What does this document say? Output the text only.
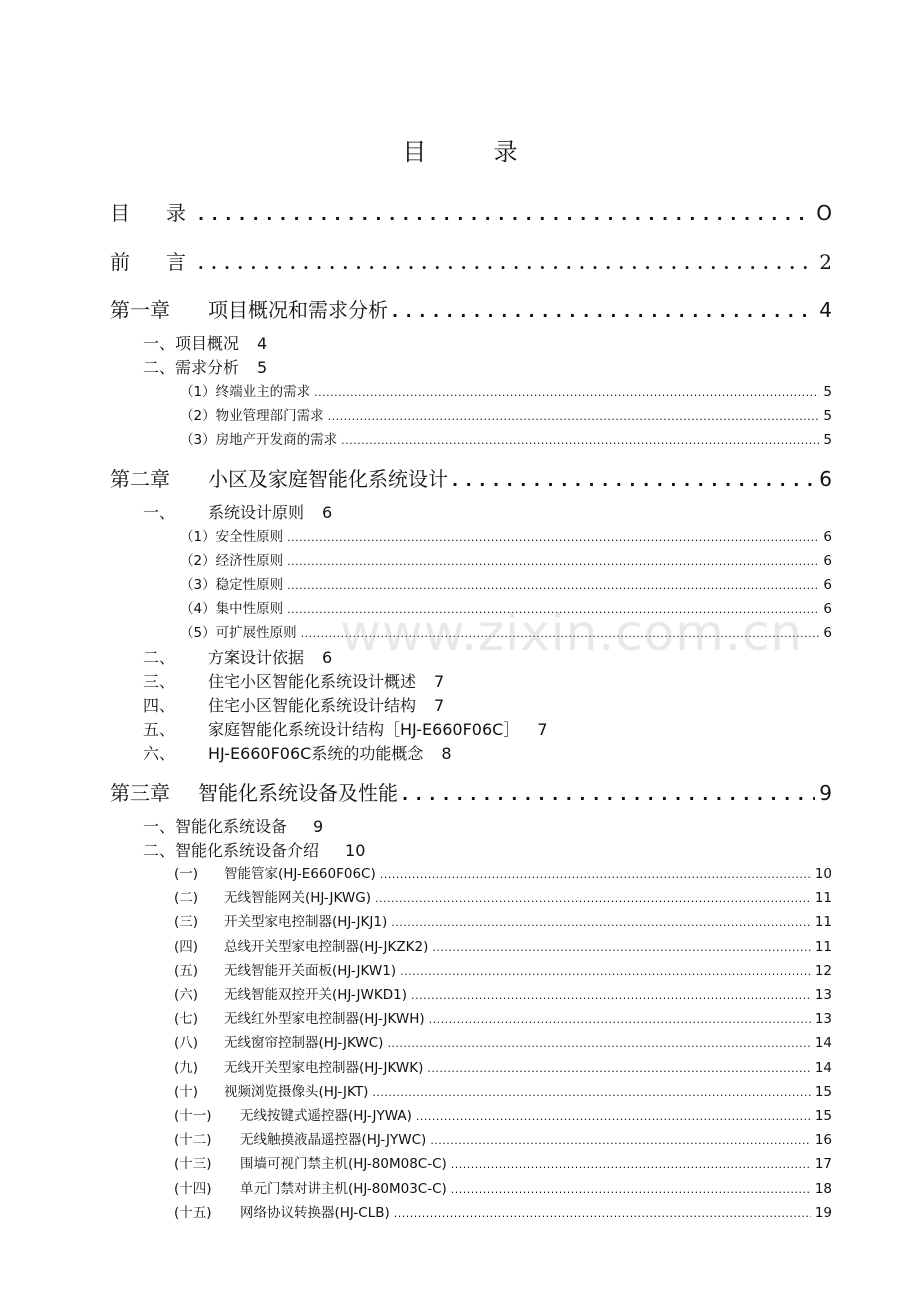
目　录
目　录 . . .	O
前　言 . . .	2
第一章	项目概况和需求分析 . . .	4
一、项目概况 4
二、需求分析 5
（1） 终端业主的需求 .....	5
（2） 物业管理部门需求 .....	5
（3） 房地产开发商的需求 .....	5
第二章	小区及家庭智能化系统设计 . . .	6
一、	系统设计原则 6
（1） 安全性原则 .....	6
（2） 经济性原则 .....	6
（3） 稳定性原则 .....	6
（4） 集中性原则 .....	6
（5） 可扩展性原则 .....	6
二、	方案设计依据 6
三、	住宅小区智能化系统设计概述 7
四、	住宅小区智能化系统设计结构 7
五、	家庭智能化系统设计结构［HJ-E660F06C］ 7
六、	HJ-E660F06C系统的功能概念 8
第三章	智能化系统设备及性能 . . .	9
一、智能化系统设备 9
二、智能化系统设备介绍 10
(一)	智能管家(HJ-E660F06C) .....	10
(二)	无线智能网关(HJ-JKWG) .....	11
(三)	开关型家电控制器(HJ-JKJ1) .....	11
(四)	总线开关型家电控制器(HJ-JKZK2) .....	11
(五)	无线智能开关面板(HJ-JKW1) .....	12
(六)	无线智能双控开关(HJ-JWKD1) .....	13
(七)	无线红外型家电控制器(HJ-JKWH) .....	13
(八)	无线窗帘控制器(HJ-JKWC) .....	14
(九)	无线开关型家电控制器(HJ-JKWK) .....	14
(十)	视频浏览摄像头(HJ-JKT) .....	15
(十一)	无线按键式遥控器(HJ-JYWA) .....	15
(十二)	无线触摸液晶遥控器(HJ-JYWC) .....	16
(十三)	围墙可视门禁主机(HJ-80M08C-C) .....	17
(十四)	单元门禁对讲主机(HJ-80M03C-C) .....	18
(十五)	网络协议转换器(HJ-CLB) .....	19
www.zixin.com.cn
